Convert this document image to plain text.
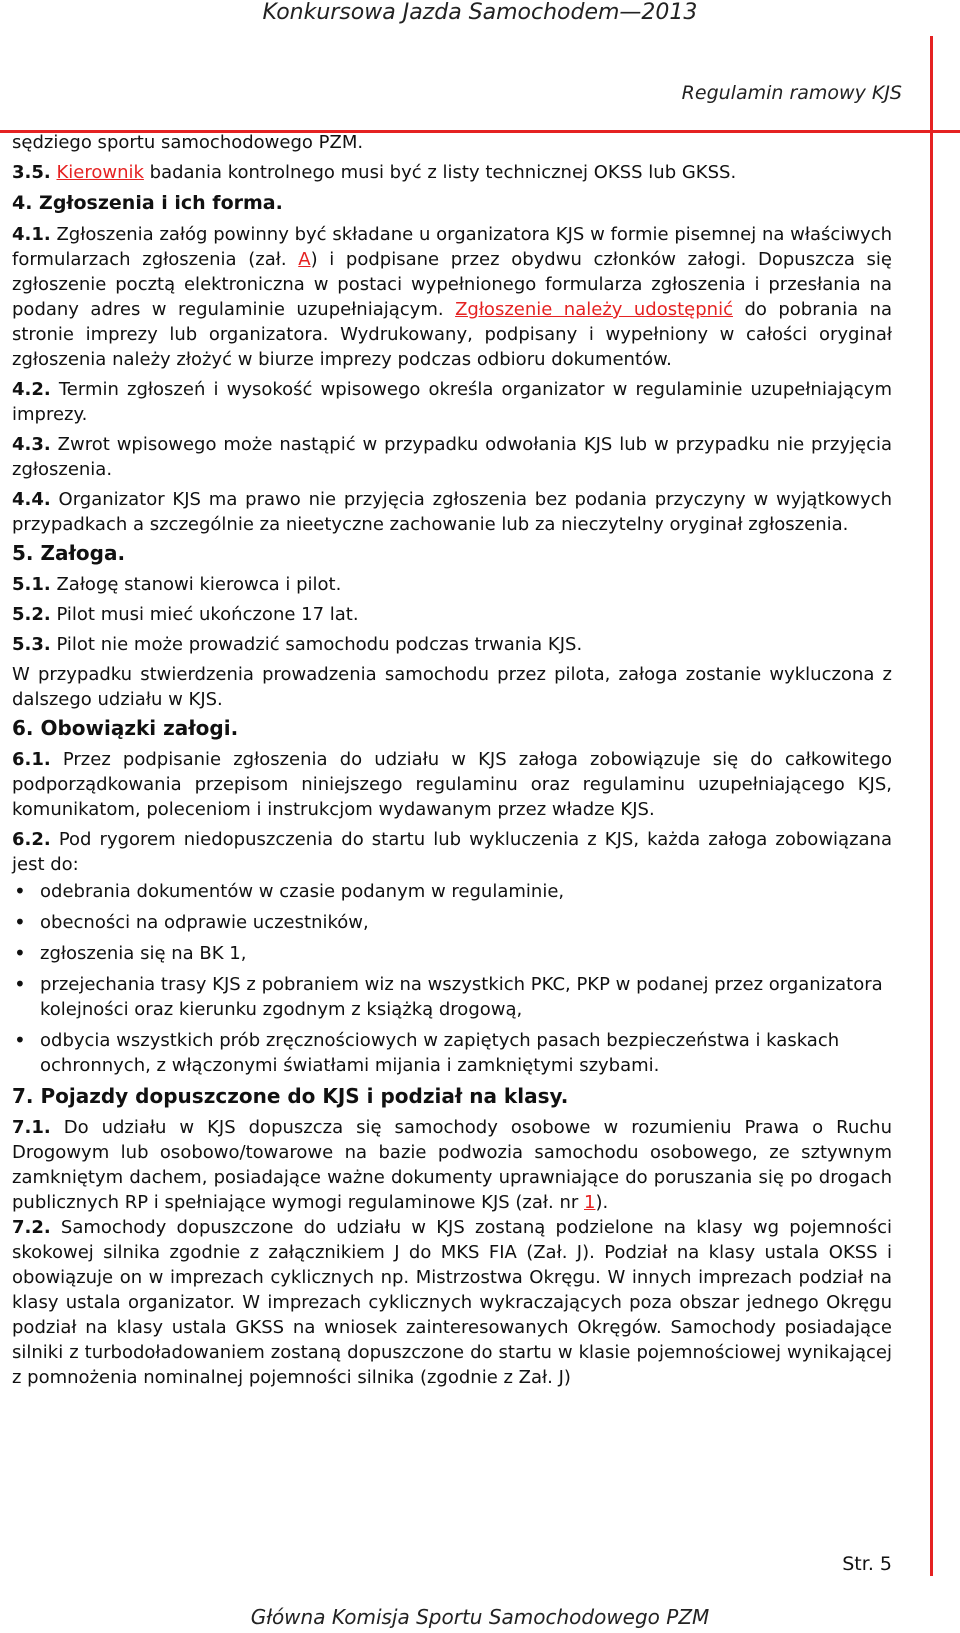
Konkursowa Jazda Samochodem—2013
Regulamin ramowy KJS

sędziego sportu samochodowego PZM.

3.5. Kierownik badania kontrolnego musi być z listy technicznej OKSS lub GKSS.

4. Zgłoszenia i ich forma.

4.1. Zgłoszenia załóg powinny być składane u organizatora KJS w formie pisemnej na właściwych formularzach zgłoszenia (zał. A) i podpisane przez obydwu członków załogi. Dopuszcza się zgłoszenie pocztą elektroniczna w postaci wypełnionego formularza zgłoszenia i przesłania na podany adres w regulaminie uzupełniającym. Zgłoszenie należy udostępnić do pobrania na stronie imprezy lub organizatora. Wydrukowany, podpisany i wypełniony w całości oryginał zgłoszenia należy złożyć w biurze imprezy podczas odbioru dokumentów.

4.2. Termin zgłoszeń i wysokość wpisowego określa organizator w regulaminie uzupełniającym imprezy.

4.3. Zwrot wpisowego może nastąpić w przypadku odwołania KJS lub w przypadku nie przyjęcia zgłoszenia.

4.4. Organizator KJS ma prawo nie przyjęcia zgłoszenia bez podania przyczyny w wyjątkowych przypadkach a szczególnie za nieetyczne zachowanie lub za nieczytelny oryginał zgłoszenia.

5. Załoga.

5.1. Załogę stanowi kierowca i pilot.

5.2. Pilot musi mieć ukończone 17 lat.

5.3. Pilot nie może prowadzić samochodu podczas trwania KJS.

W przypadku stwierdzenia prowadzenia samochodu przez pilota, załoga zostanie wykluczona z dalszego udziału w KJS.

6. Obowiązki załogi.

6.1. Przez podpisanie zgłoszenia do udziału w KJS załoga zobowiązuje się do całkowitego podporządkowania przepisom niniejszego regulaminu oraz regulaminu uzupełniającego KJS, komunikatom, poleceniom i instrukcjom wydawanym przez władze KJS.

6.2. Pod rygorem niedopuszczenia do startu lub wykluczenia z KJS, każda załoga zobowiązana jest do:

• odebrania dokumentów w czasie podanym w regulaminie,
• obecności na odprawie uczestników,
• zgłoszenia się na BK 1,
• przejechania trasy KJS z pobraniem wiz na wszystkich PKC, PKP w podanej przez organizatora kolejności oraz kierunku zgodnym z książką drogową,
• odbycia wszystkich prób zręcznościowych w zapiętych pasach bezpieczeństwa i kaskach ochronnych, z włączonymi światłami mijania i zamkniętymi szybami.

7. Pojazdy dopuszczone do KJS i podział na klasy.

7.1. Do udziału w KJS dopuszcza się samochody osobowe w rozumieniu Prawa o Ruchu Drogowym lub osobowo/towarowe na bazie podwozia samochodu osobowego, ze sztywnym zamkniętym dachem, posiadające ważne dokumenty uprawniające do poruszania się po drogach publicznych RP i spełniające wymogi regulaminowe KJS (zał. nr 1).

7.2. Samochody dopuszczone do udziału w KJS zostaną podzielone na klasy wg pojemności skokowej silnika zgodnie z załącznikiem J do MKS FIA (Zał. J). Podział na klasy ustala OKSS i obowiązuje on w imprezach cyklicznych np. Mistrzostwa Okręgu. W innych imprezach podział na klasy ustala organizator. W imprezach cyklicznych wykraczających poza obszar jednego Okręgu podział na klasy ustala GKSS na wniosek zainteresowanych Okręgów. Samochody posiadające silniki z turbodoładowaniem zostaną dopuszczone do startu w klasie pojemnościowej wynikającej z pomnożenia nominalnej pojemności silnika (zgodnie z Zał. J)

Str. 5
Główna Komisja Sportu Samochodowego PZM
